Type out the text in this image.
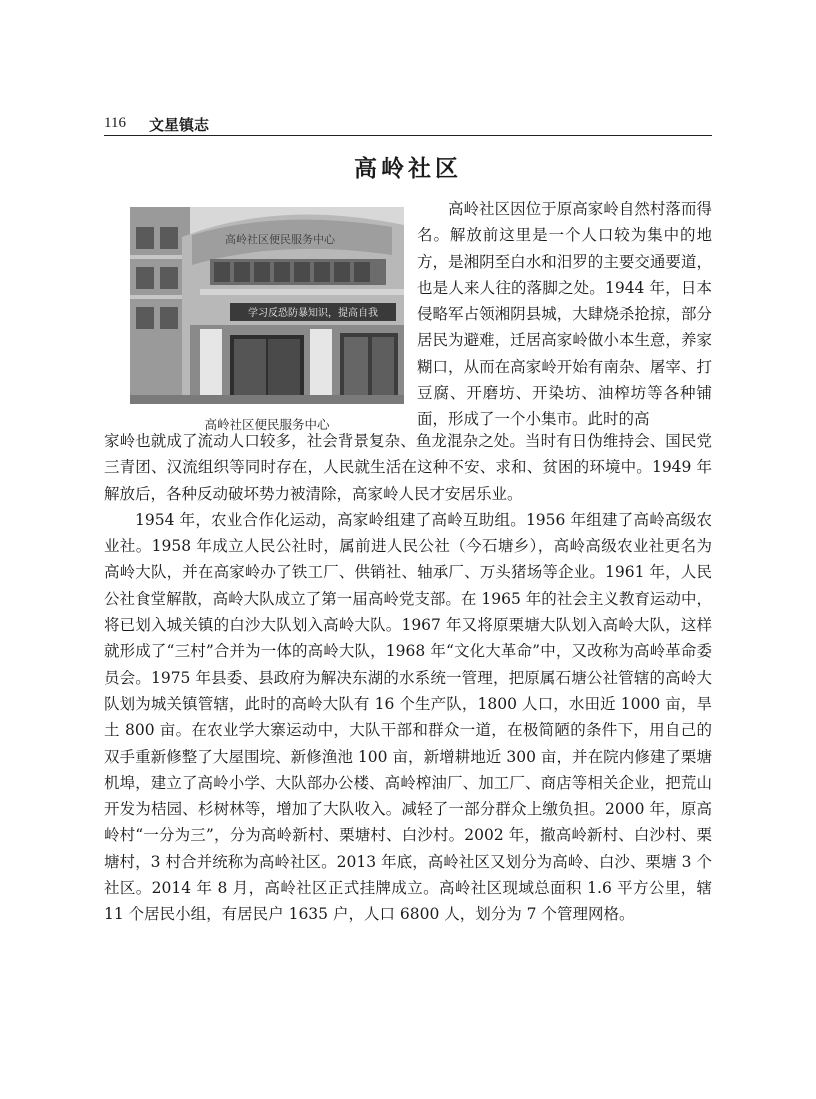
116 文星镇志
高岭社区
高岭社区便民服务中心
学习反恐防暴知识，提高自我
高岭社区便民服务中心

高岭社区因位于原高家岭自然村落而得名。解放前这里是一个人口较为集中的地方，是湘阴至白水和汨罗的主要交通要道，也是人来人往的落脚之处。1944 年，日本侵略军占领湘阴县城，大肆烧杀抢掠，部分居民为避难，迁居高家岭做小本生意，养家糊口，从而在高家岭开始有南杂、屠宰、打豆腐、开磨坊、开染坊、油榨坊等各种铺面，形成了一个小集市。此时的高

家岭也就成了流动人口较多，社会背景复杂、鱼龙混杂之处。当时有日伪维持会、国民党三青团、汉流组织等同时存在，人民就生活在这种不安、求和、贫困的环境中。1949 年解放后，各种反动破坏势力被清除，高家岭人民才安居乐业。

1954 年，农业合作化运动，高家岭组建了高岭互助组。1956 年组建了高岭高级农业社。1958 年成立人民公社时，属前进人民公社（今石塘乡），高岭高级农业社更名为高岭大队，并在高家岭办了铁工厂、供销社、轴承厂、万头猪场等企业。1961 年，人民公社食堂解散，高岭大队成立了第一届高岭党支部。在 1965 年的社会主义教育运动中，将已划入城关镇的白沙大队划入高岭大队。1967 年又将原栗塘大队划入高岭大队，这样就形成了“三村”合并为一体的高岭大队，1968 年“文化大革命”中，又改称为高岭革命委员会。1975 年县委、县政府为解决东湖的水系统一管理，把原属石塘公社管辖的高岭大队划为城关镇管辖，此时的高岭大队有 16 个生产队，1800 人口，水田近 1000 亩，旱土 800 亩。在农业学大寨运动中，大队干部和群众一道，在极简陋的条件下，用自己的双手重新修整了大屋围垸、新修渔池 100 亩，新增耕地近 300 亩，并在院内修建了栗塘机埠，建立了高岭小学、大队部办公楼、高岭榨油厂、加工厂、商店等相关企业，把荒山开发为桔园、杉树林等，增加了大队收入。减轻了一部分群众上缴负担。2000 年，原高岭村“一分为三”，分为高岭新村、栗塘村、白沙村。2002 年，撤高岭新村、白沙村、栗塘村，3 村合并统称为高岭社区。2013 年底，高岭社区又划分为高岭、白沙、栗塘 3 个社区。2014 年 8 月，高岭社区正式挂牌成立。高岭社区现域总面积 1.6 平方公里，辖 11 个居民小组，有居民户 1635 户，人口 6800 人，划分为 7 个管理网格。
